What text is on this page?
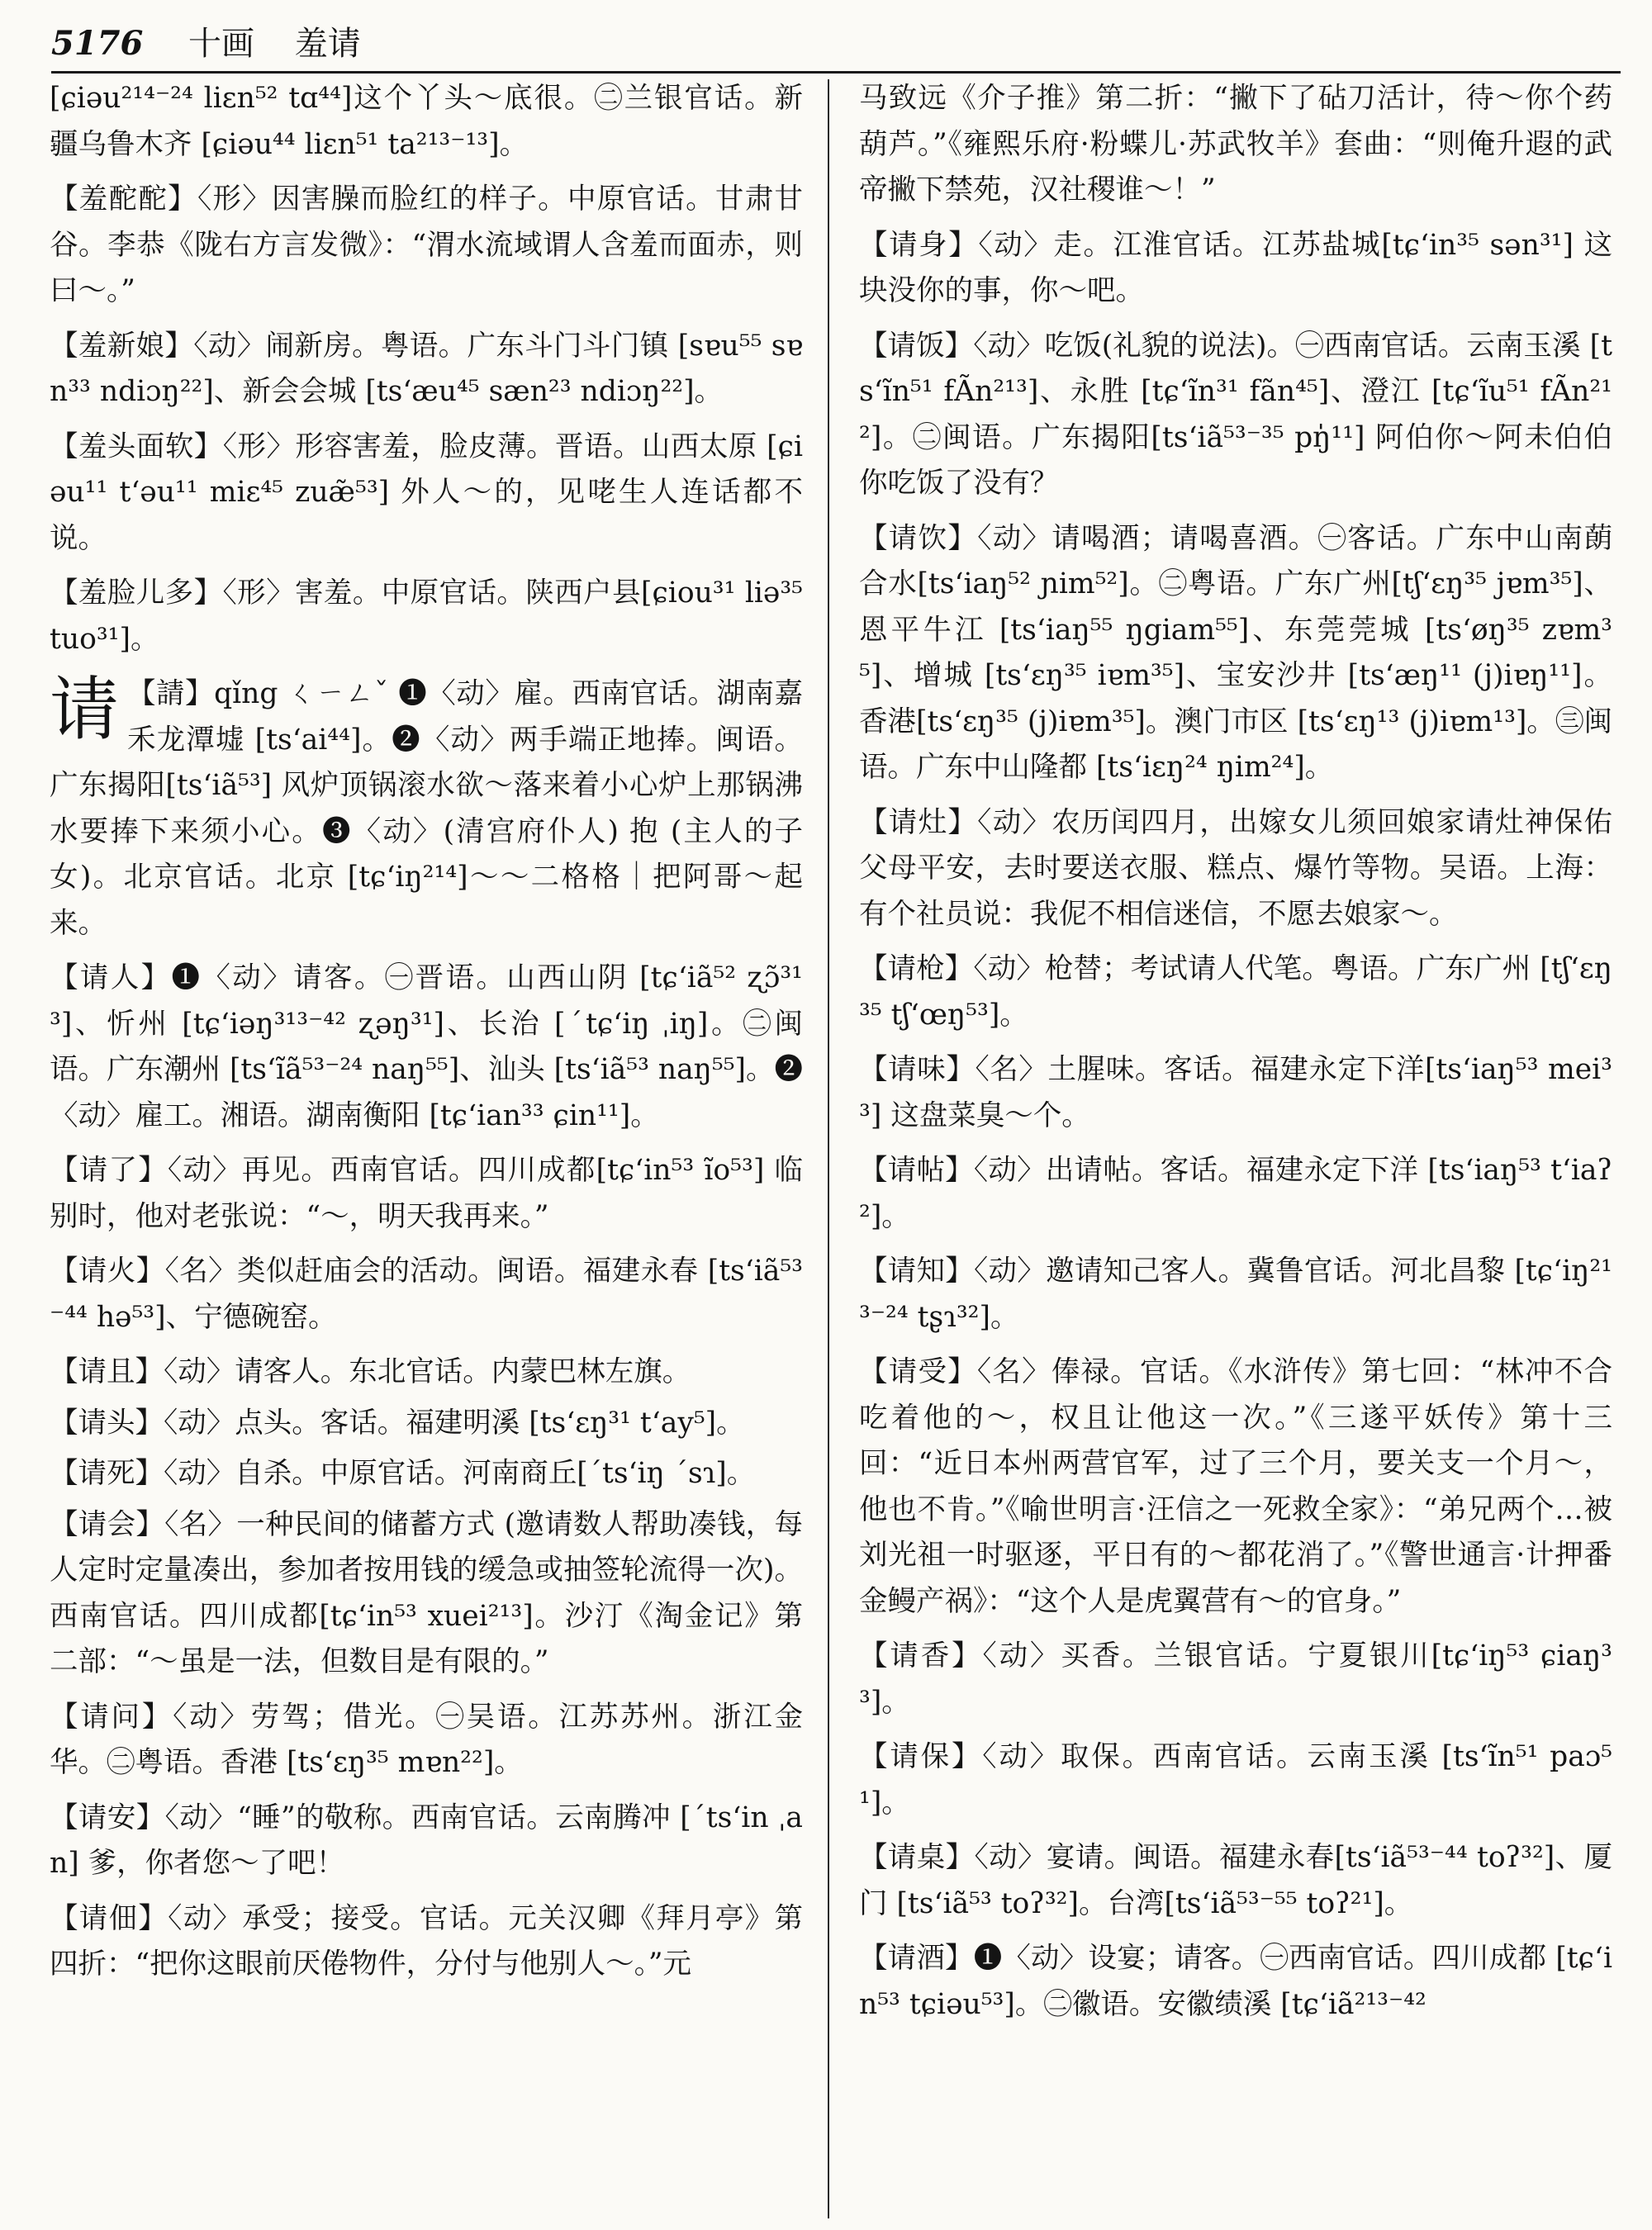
5176 十画 羞请

[ɕiəu²¹⁴⁻²⁴ liɛn⁵² tɑ⁴⁴]这个丫头～底很。㊁兰银官话。新疆乌鲁木齐 [ɕiəu⁴⁴ liɛn⁵¹ ta²¹³⁻¹³]。

【羞酡酡】〈形〉因害臊而脸红的样子。中原官话。甘肃甘谷。李恭《陇右方言发微》：“渭水流域谓人含羞而面赤，则曰～。”

【羞新娘】〈动〉闹新房。粤语。广东斗门斗门镇 [sɐu⁵⁵ sɐn³³ ndiɔŋ²²]、新会会城 [ts‘æu⁴⁵ sæn²³ ndiɔŋ²²]。

【羞头面软】〈形〉形容害羞，脸皮薄。晋语。山西太原 [ɕiəu¹¹ t‘əu¹¹ miɛ⁴⁵ zuæ̃⁵³] 外人～的，见咾生人连话都不说。

【羞脸儿多】〈形〉害羞。中原官话。陕西户县[ɕiou³¹ liə³⁵ tuo³¹]。

请 【請】qǐng ㄑㄧㄥˇ ❶〈动〉雇。西南官话。湖南嘉禾龙潭墟 [ts‘ai⁴⁴]。❷〈动〉两手端正地捧。闽语。广东揭阳[ts‘iã⁵³] 风炉顶锅滚水欲～落来着小心炉上那锅沸水要捧下来须小心。❸〈动〉(清宫府仆人) 抱 (主人的子女)。北京官话。北京 [tɕ‘iŋ²¹⁴]～～二格格｜把阿哥～起来。

【请人】❶〈动〉请客。㊀晋语。山西山阴 [tɕ‘iã⁵² ʐɔ̃³¹³]、忻州 [tɕ‘iəŋ³¹³⁻⁴² ʐəŋ³¹]、长治 [ˊtɕ‘iŋ ˌiŋ]。㊁闽语。广东潮州 [ts‘ĩã⁵³⁻²⁴ naŋ⁵⁵]、汕头 [ts‘iã⁵³ naŋ⁵⁵]。❷〈动〉雇工。湘语。湖南衡阳 [tɕ‘ian³³ ɕin¹¹]。

【请了】〈动〉再见。西南官话。四川成都[tɕ‘in⁵³ ĩo⁵³] 临别时，他对老张说：“～，明天我再来。”

【请火】〈名〉类似赶庙会的活动。闽语。福建永春 [ts‘iã⁵³⁻⁴⁴ hə⁵³]、宁德碗窑。

【请且】〈动〉请客人。东北官话。内蒙巴林左旗。

【请头】〈动〉点头。客话。福建明溪 [ts‘ɛŋ³¹ t‘ay⁵]。

【请死】〈动〉自杀。中原官话。河南商丘[ˊts‘iŋ ˊsɿ]。

【请会】〈名〉一种民间的储蓄方式 (邀请数人帮助凑钱，每人定时定量凑出，参加者按用钱的缓急或抽签轮流得一次)。西南官话。四川成都[tɕ‘in⁵³ xuei²¹³]。沙汀《淘金记》第二部：“～虽是一法，但数目是有限的。”

【请问】〈动〉劳驾；借光。㊀吴语。江苏苏州。浙江金华。㊁粤语。香港 [ts‘ɛŋ³⁵ mɐn²²]。

【请安】〈动〉“睡”的敬称。西南官话。云南腾冲 [ˊts‘in ˌan] 爹，你者您～了吧！

【请佃】〈动〉承受；接受。官话。元关汉卿《拜月亭》第四折：“把你这眼前厌倦物件，分付与他别人～。”元

马致远《介子推》第二折：“撇下了砧刀活计，待～你个药葫芦。”《雍熙乐府·粉蝶儿·苏武牧羊》套曲：“则俺升遐的武帝撇下禁苑，汉社稷谁～！”

【请身】〈动〉走。江淮官话。江苏盐城[tɕ‘in³⁵ sən³¹] 这块没你的事，你～吧。

【请饭】〈动〉吃饭(礼貌的说法)。㊀西南官话。云南玉溪 [ts‘ĩn⁵¹ fÃn²¹³]、永胜 [tɕ‘ĩn³¹ fãn⁴⁵]、澄江 [tɕ‘ĩu⁵¹ fÃn²¹²]。㊁闽语。广东揭阳[ts‘iã⁵³⁻³⁵ pŋ̍¹¹] 阿伯你～阿未伯伯你吃饭了没有？

【请饮】〈动〉请喝酒；请喝喜酒。㊀客话。广东中山南蓢合水[ts‘iaŋ⁵² ɲim⁵²]。㊁粤语。广东广州[tʃ‘ɛŋ³⁵ jɐm³⁵]、恩平牛江 [ts‘iaŋ⁵⁵ ŋgiam⁵⁵]、东莞莞城 [ts‘øŋ³⁵ zɐm³⁵]、增城 [ts‘ɛŋ³⁵ iɐm³⁵]、宝安沙井 [ts‘æŋ¹¹ (j)iɐŋ¹¹]。香港[ts‘ɛŋ³⁵ (j)iɐm³⁵]。澳门市区 [ts‘ɛŋ¹³ (j)iɐm¹³]。㊂闽语。广东中山隆都 [ts‘iɛŋ²⁴ ŋim²⁴]。

【请灶】〈动〉农历闰四月，出嫁女儿须回娘家请灶神保佑父母平安，去时要送衣服、糕点、爆竹等物。吴语。上海：有个社员说：我伲不相信迷信，不愿去娘家～。

【请枪】〈动〉枪替；考试请人代笔。粤语。广东广州 [tʃ‘ɛŋ³⁵ tʃ‘œŋ⁵³]。

【请味】〈名〉土腥味。客话。福建永定下洋[ts‘iaŋ⁵³ mei³³] 这盘菜臭～个。

【请帖】〈动〉出请帖。客话。福建永定下洋 [ts‘iaŋ⁵³ t‘iaʔ²]。

【请知】〈动〉邀请知己客人。冀鲁官话。河北昌黎 [tɕ‘iŋ²¹³⁻²⁴ tʂɿ³²]。

【请受】〈名〉俸禄。官话。《水浒传》第七回：“林冲不合吃着他的～，权且让他这一次。”《三遂平妖传》第十三回：“近日本州两营官军，过了三个月，要关支一个月～，他也不肯。”《喻世明言·汪信之一死救全家》：“弟兄两个…被刘光祖一时驱逐，平日有的～都花消了。”《警世通言·计押番金鳗产祸》：“这个人是虎翼营有～的官身。”

【请香】〈动〉买香。兰银官话。宁夏银川[tɕ‘iŋ⁵³ ɕiaŋ³³]。

【请保】〈动〉取保。西南官话。云南玉溪 [ts‘ĩn⁵¹ paɔ⁵¹]。

【请桌】〈动〉宴请。闽语。福建永春[ts‘iã⁵³⁻⁴⁴ toʔ³²]、厦门 [ts‘iã⁵³ toʔ³²]。台湾[ts‘iã⁵³⁻⁵⁵ toʔ²¹]。

【请酒】❶〈动〉设宴；请客。㊀西南官话。四川成都 [tɕ‘in⁵³ tɕiəu⁵³]。㊁徽语。安徽绩溪 [tɕ‘iã²¹³⁻⁴²
